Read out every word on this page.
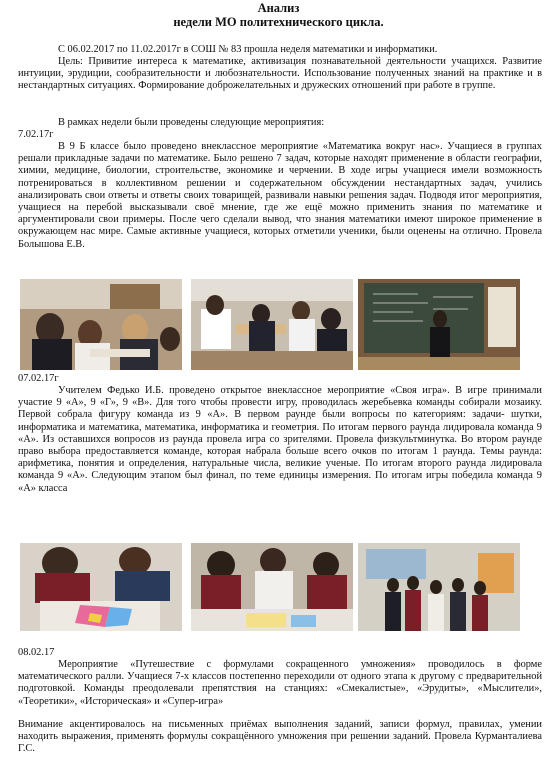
Анализ
недели МО политехнического цикла.
С 06.02.2017 по 11.02.2017г в СОШ № 83 прошла неделя математики и информатики.
Цель: Привитие интереса к математике, активизация познавательной деятельности учащихся. Развитие интуиции, эрудиции, сообразительности и любознательности. Использование полученных знаний на практике и в нестандартных ситуациях. Формирование доброжелательных и дружеских отношений при работе в группе.
В рамках недели были проведены следующие мероприятия:
7.02.17г
В 9 Б классе было проведено внеклассное мероприятие «Математика вокруг нас». Учащиеся в группах решали прикладные задачи по математике. Было решено 7 задач, которые находят применение в области географии, химии, медицине, биологии, строительстве, экономике и черчении. В ходе игры учащиеся имели возможность потренироваться в коллективном решении и содержательном обсуждении нестандартных задач, учились анализировать свои ответы и ответы своих товарищей, развивали навыки решения задач. Подводя итог мероприятия, учащиеся на перебой высказывали своё мнение, где же ещё можно применить знания по математике и аргументировали свои примеры. После чего сделали вывод, что знания математики имеют широкое применение в окружающем нас мире. Самые активные учащиеся, которых отметили ученики, были оценены на отлично. Провела Болышова Е.В.
07.02.17г
Учителем Федько И.Б. проведено открытое внеклассное мероприятие «Своя игра». В игре принимали участие 9 «А», 9 «Г», 9 «В». Для того чтобы провести игру, проводилась жеребьевка команды собирали мозаику. Первой собрала фигуру команда из 9 «А». В первом раунде были вопросы по категориям: задачи- шутки, информатика и математика, математика, информатика и геометрия. По итогам первого раунда лидировала команда 9 «А». Из оставшихся вопросов из раунда провела игра со зрителями. Провела физкультминутка. Во втором раунде право выбора предоставляется команде, которая набрала больше всего очков по итогам 1 раунда. Темы раунда: арифметика, понятия и определения, натуральные числа, великие ученые. По итогам второго раунда лидировала команда 9 «А». Следующим этапом был финал, по теме единицы измерения. По итогам игры победила команда 9 «А» класса
08.02.17
Мероприятие «Путешествие с формулами сокращенного умножения» проводилось в форме математического ралли. Учащиеся 7-х классов постепенно переходили от одного этапа к другому с предварительной подготовкой. Команды преодолевали препятствия на станциях: «Смекалистые», «Эрудиты», «Мыслители», «Теоретики», «Историческая» и «Супер-игра»
Внимание акцентировалось на письменных приёмах выполнения заданий, записи формул, правилах, умении находить выражения, применять формулы сокращённого умножения при решении заданий. Провела Курманталиева Г.С.
